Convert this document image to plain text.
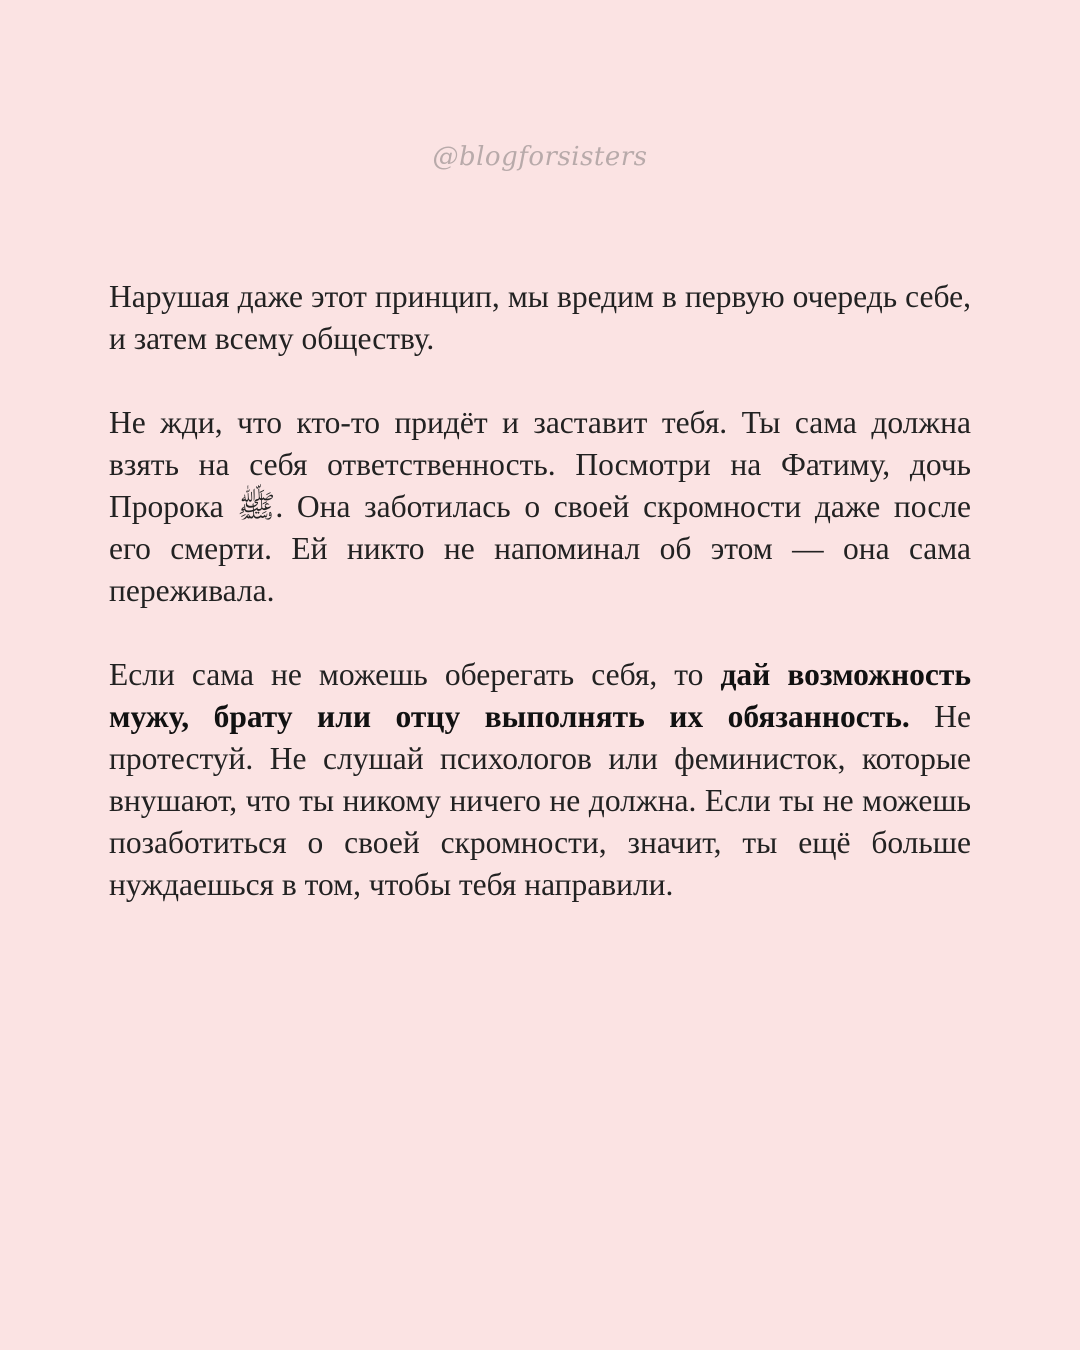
@blogforsisters

Нарушая даже этот принцип, мы вредим в первую очередь себе, и затем всему обществу.

Не жди, что кто-то придёт и заставит тебя. Ты сама должна взять на себя ответственность. Посмотри на Фатиму, дочь Пророка ﷺ. Она заботилась о своей скромности даже после его смерти. Ей никто не напоминал об этом — она сама переживала.

Если сама не можешь оберегать себя, то дай возможность мужу, брату или отцу выполнять их обязанность. Не протестуй. Не слушай психологов или феминисток, которые внушают, что ты никому ничего не должна. Если ты не можешь позаботиться о своей скромности, значит, ты ещё больше нуждаешься в том, чтобы тебя направили.
